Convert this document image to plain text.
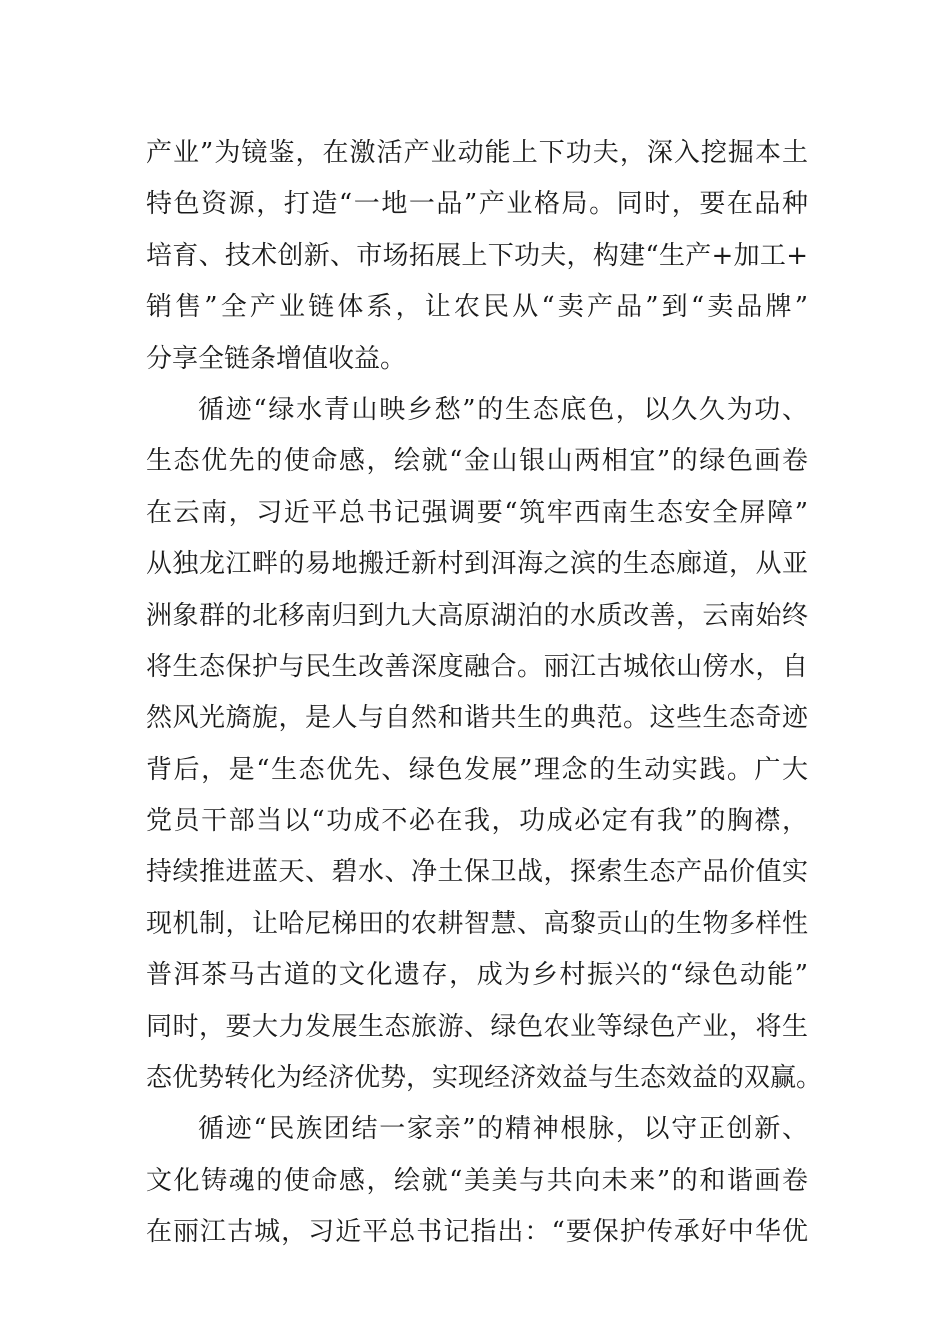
产业”为镜鉴，在激活产业动能上下功夫，深入挖掘本土
特色资源，打造“一地一品”产业格局。同时，要在品种
培育、技术创新、市场拓展上下功夫，构建“生产+加工+
销售”全产业链体系，让农民从“卖产品”到“卖品牌”
分享全链条增值收益。
循迹“绿水青山映乡愁”的生态底色，以久久为功、
生态优先的使命感，绘就“金山银山两相宜”的绿色画卷
在云南，习近平总书记强调要“筑牢西南生态安全屏障”
从独龙江畔的易地搬迁新村到洱海之滨的生态廊道，从亚
洲象群的北移南归到九大高原湖泊的水质改善，云南始终
将生态保护与民生改善深度融合。丽江古城依山傍水，自
然风光旖旎，是人与自然和谐共生的典范。这些生态奇迹
背后，是“生态优先、绿色发展”理念的生动实践。广大
党员干部当以“功成不必在我，功成必定有我”的胸襟，
持续推进蓝天、碧水、净土保卫战，探索生态产品价值实
现机制，让哈尼梯田的农耕智慧、高黎贡山的生物多样性
普洱茶马古道的文化遗存，成为乡村振兴的“绿色动能”
同时，要大力发展生态旅游、绿色农业等绿色产业，将生
态优势转化为经济优势，实现经济效益与生态效益的双赢。
循迹“民族团结一家亲”的精神根脉，以守正创新、
文化铸魂的使命感，绘就“美美与共向未来”的和谐画卷
在丽江古城，习近平总书记指出：“要保护传承好中华优
